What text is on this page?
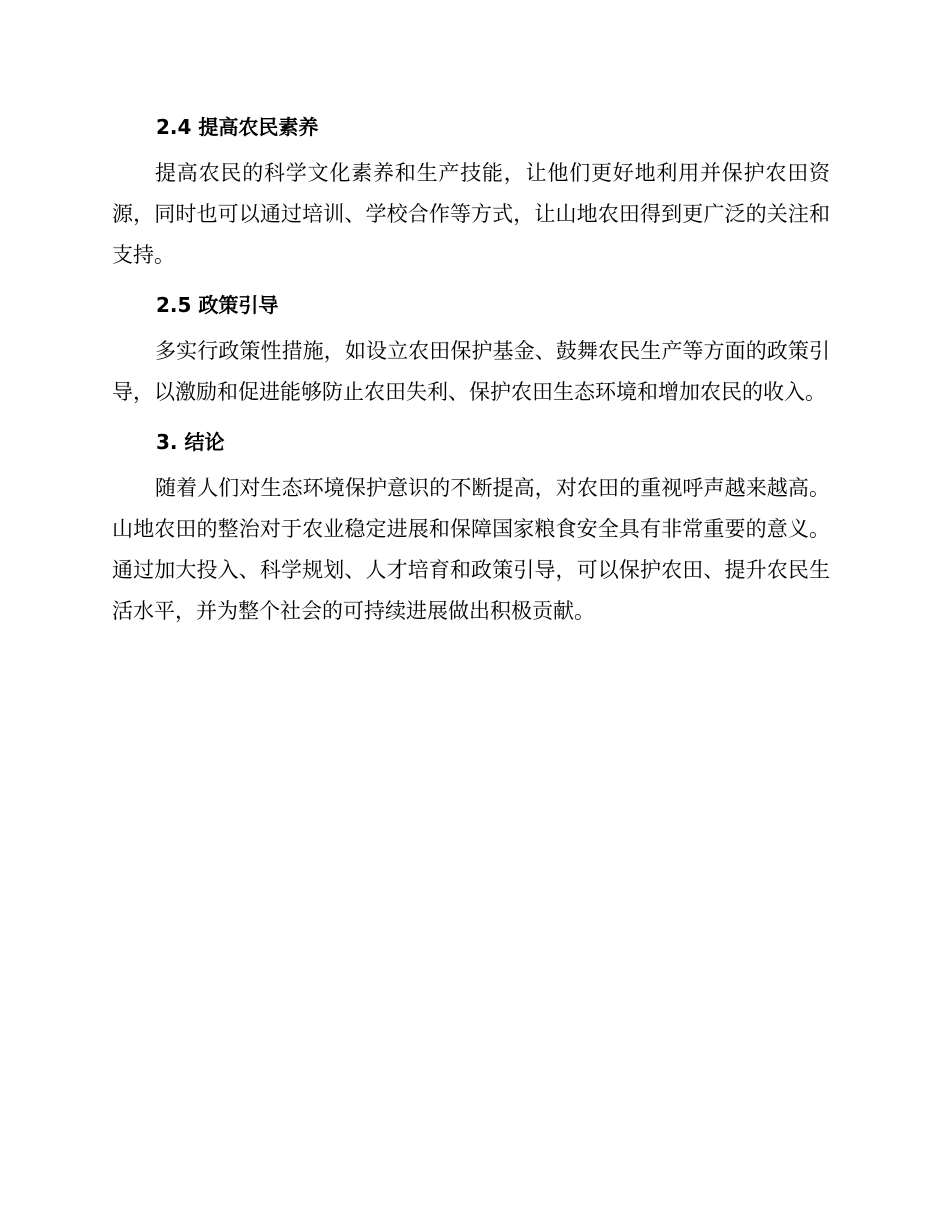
2.4 提高农民素养

提高农民的科学文化素养和生产技能，让他们更好地利用并保护农田资源，同时也可以通过培训、学校合作等方式，让山地农田得到更广泛的关注和支持。

2.5 政策引导

多实行政策性措施，如设立农田保护基金、鼓舞农民生产等方面的政策引导，以激励和促进能够防止农田失利、保护农田生态环境和增加农民的收入。

3. 结论

随着人们对生态环境保护意识的不断提高，对农田的重视呼声越来越高。山地农田的整治对于农业稳定进展和保障国家粮食安全具有非常重要的意义。通过加大投入、科学规划、人才培育和政策引导，可以保护农田、提升农民生活水平，并为整个社会的可持续进展做出积极贡献。
